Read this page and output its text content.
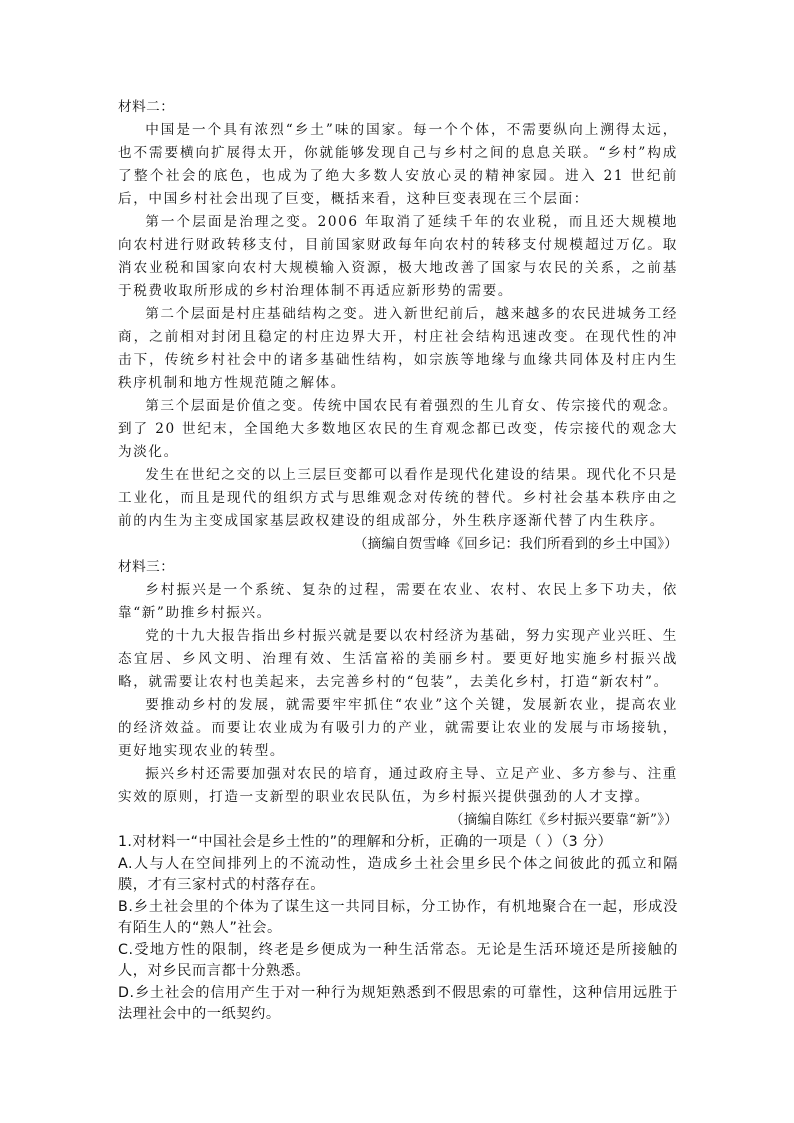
材料二：

中国是一个具有浓烈“乡土”味的国家。每一个个体，不需要纵向上溯得太远，也不需要横向扩展得太开，你就能够发现自己与乡村之间的息息关联。“乡村”构成了整个社会的底色，也成为了绝大多数人安放心灵的精神家园。进入 21 世纪前后，中国乡村社会出现了巨变，概括来看，这种巨变表现在三个层面：

第一个层面是治理之变。2006 年取消了延续千年的农业税，而且还大规模地向农村进行财政转移支付，目前国家财政每年向农村的转移支付规模超过万亿。取消农业税和国家向农村大规模输入资源，极大地改善了国家与农民的关系，之前基于税费收取所形成的乡村治理体制不再适应新形势的需要。

第二个层面是村庄基础结构之变。进入新世纪前后，越来越多的农民进城务工经商，之前相对封闭且稳定的村庄边界大开，村庄社会结构迅速改变。在现代性的冲击下，传统乡村社会中的诸多基础性结构，如宗族等地缘与血缘共同体及村庄内生秩序机制和地方性规范随之解体。

第三个层面是价值之变。传统中国农民有着强烈的生儿育女、传宗接代的观念。到了 20 世纪末，全国绝大多数地区农民的生育观念都已改变，传宗接代的观念大为淡化。

发生在世纪之交的以上三层巨变都可以看作是现代化建设的结果。现代化不只是工业化，而且是现代的组织方式与思维观念对传统的替代。乡村社会基本秩序由之前的内生为主变成国家基层政权建设的组成部分，外生秩序逐渐代替了内生秩序。

（摘编自贺雪峰《回乡记：我们所看到的乡土中国》）

材料三：

乡村振兴是一个系统、复杂的过程，需要在农业、农村、农民上多下功夫，依靠“新”助推乡村振兴。

党的十九大报告指出乡村振兴就是要以农村经济为基础，努力实现产业兴旺、生态宜居、乡风文明、治理有效、生活富裕的美丽乡村。要更好地实施乡村振兴战略，就需要让农村也美起来，去完善乡村的“包装”，去美化乡村，打造“新农村”。

要推动乡村的发展，就需要牢牢抓住“农业”这个关键，发展新农业，提高农业的经济效益。而要让农业成为有吸引力的产业，就需要让农业的发展与市场接轨，更好地实现农业的转型。

振兴乡村还需要加强对农民的培育，通过政府主导、立足产业、多方参与、注重实效的原则，打造一支新型的职业农民队伍，为乡村振兴提供强劲的人才支撑。

（摘编自陈红《乡村振兴要靠“新”》）

1.对材料一“中国社会是乡土性的”的理解和分析，正确的一项是（ ）（3 分）

A.人与人在空间排列上的不流动性，造成乡土社会里乡民个体之间彼此的孤立和隔膜，才有三家村式的村落存在。

B.乡土社会里的个体为了谋生这一共同目标，分工协作，有机地聚合在一起，形成没有陌生人的“熟人”社会。

C.受地方性的限制，终老是乡便成为一种生活常态。无论是生活环境还是所接触的人，对乡民而言都十分熟悉。

D.乡土社会的信用产生于对一种行为规矩熟悉到不假思索的可靠性，这种信用远胜于法理社会中的一纸契约。
